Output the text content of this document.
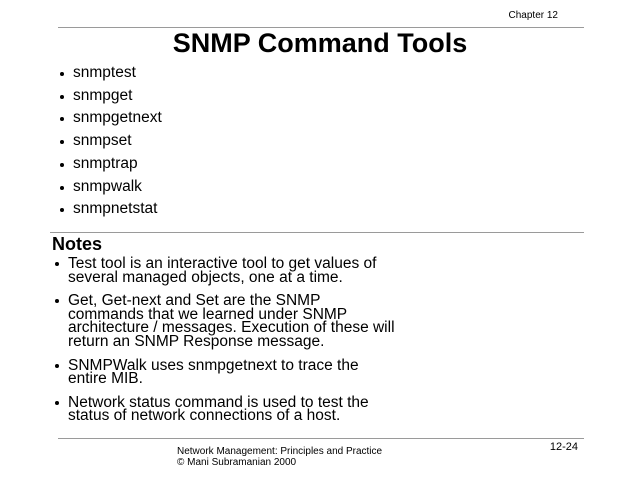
Chapter 12
SNMP Command Tools
snmptest
snmpget
snmpgetnext
snmpset
snmptrap
snmpwalk
snmpnetstat
Notes
Test tool is an interactive tool to get values of
several managed objects, one at a time.
Get, Get-next and Set are the SNMP
commands that we learned under SNMP
architecture / messages. Execution of these will
return an SNMP Response message.
SNMPWalk uses snmpgetnext to trace the
entire MIB.
Network status command is used to test the
status of network connections of a host.
Network Management: Principles and Practice
© Mani Subramanian 2000
12-24
